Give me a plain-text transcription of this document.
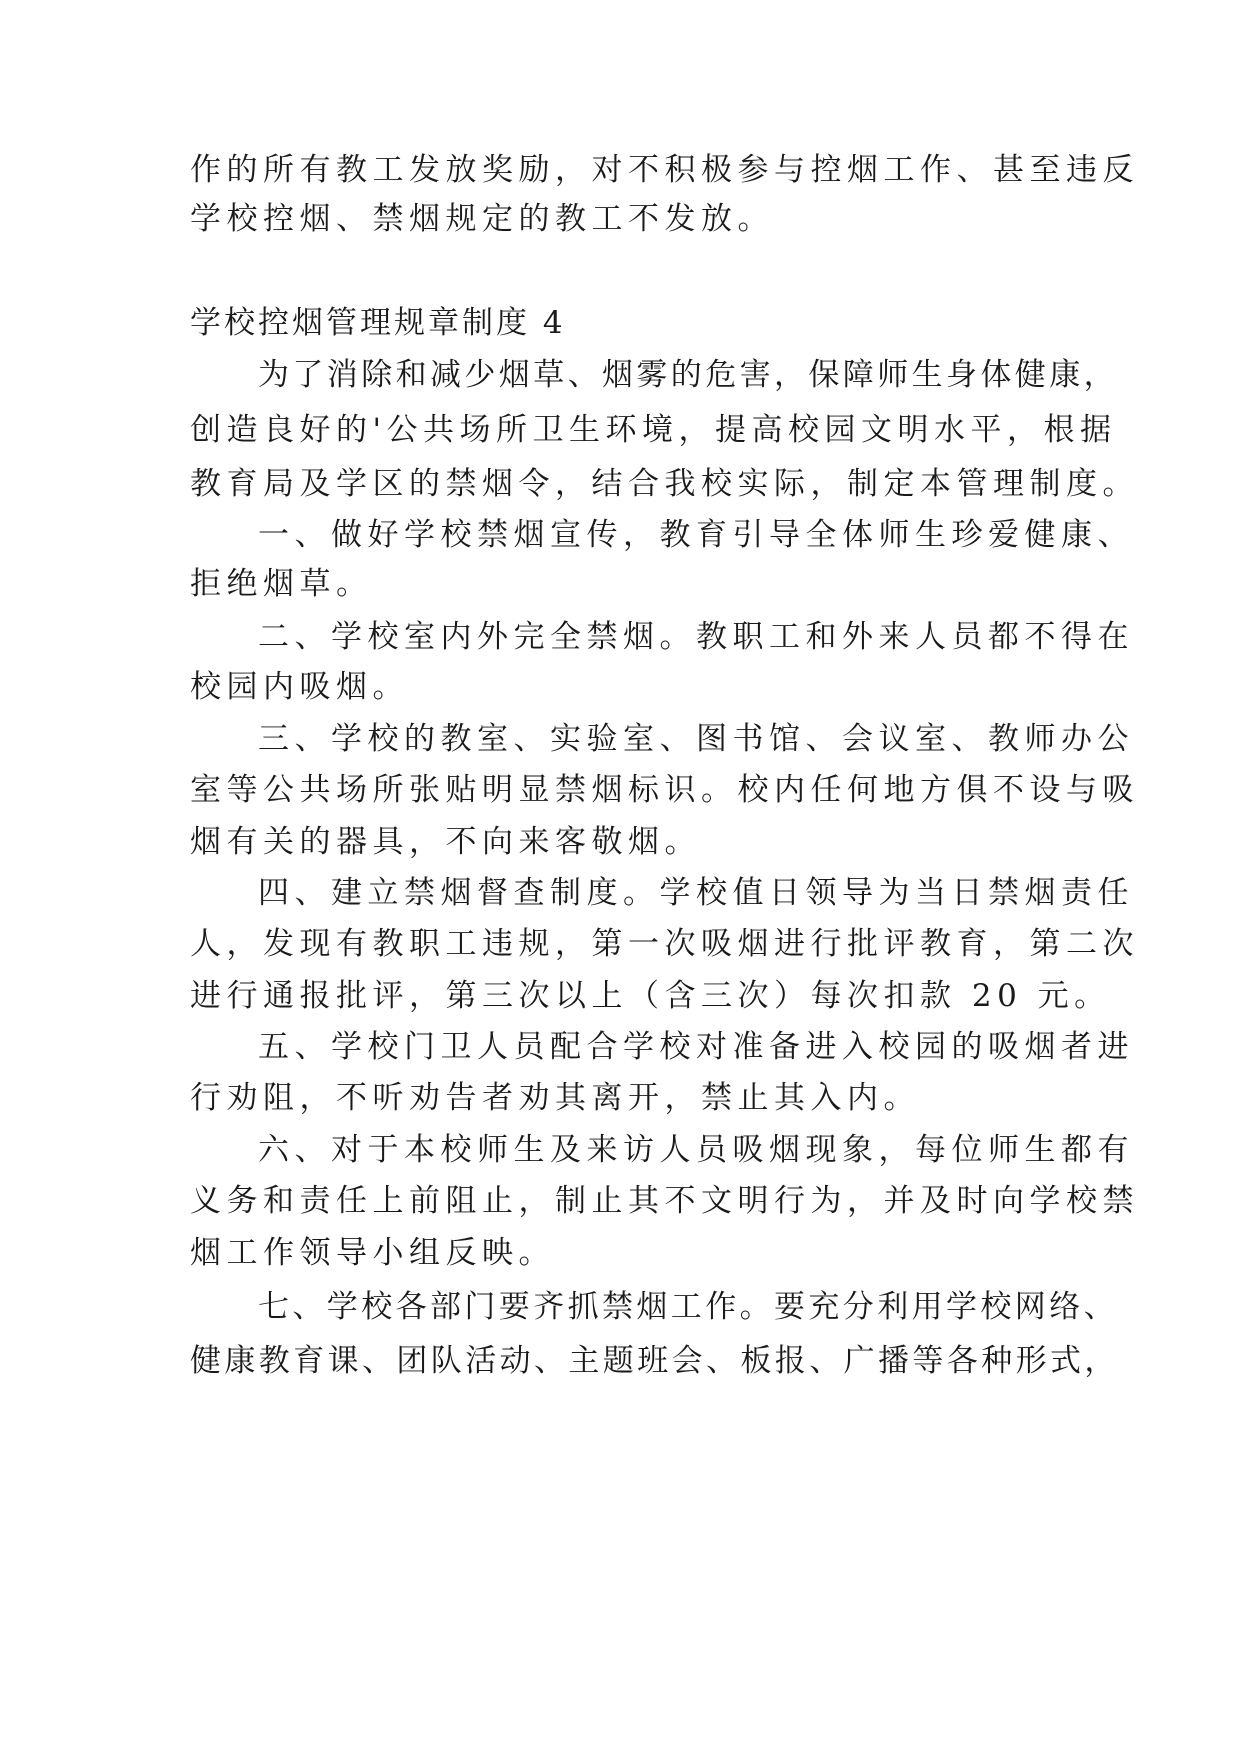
作的所有教工发放奖励，对不积极参与控烟工作、甚至违反

学校控烟、禁烟规定的教工不发放。

学校控烟管理规章制度 4

为了消除和减少烟草、烟雾的危害，保障师生身体健康，

创造良好的'公共场所卫生环境，提高校园文明水平，根据

教育局及学区的禁烟令，结合我校实际，制定本管理制度。

一、做好学校禁烟宣传，教育引导全体师生珍爱健康、

拒绝烟草。

二、学校室内外完全禁烟。教职工和外来人员都不得在

校园内吸烟。

三、学校的教室、实验室、图书馆、会议室、教师办公

室等公共场所张贴明显禁烟标识。校内任何地方俱不设与吸

烟有关的器具，不向来客敬烟。

四、建立禁烟督查制度。学校值日领导为当日禁烟责任

人，发现有教职工违规，第一次吸烟进行批评教育，第二次

进行通报批评，第三次以上（含三次）每次扣款 20 元。

五、学校门卫人员配合学校对准备进入校园的吸烟者进

行劝阻，不听劝告者劝其离开，禁止其入内。

六、对于本校师生及来访人员吸烟现象，每位师生都有

义务和责任上前阻止，制止其不文明行为，并及时向学校禁

烟工作领导小组反映。

七、学校各部门要齐抓禁烟工作。要充分利用学校网络、

健康教育课、团队活动、主题班会、板报、广播等各种形式，
